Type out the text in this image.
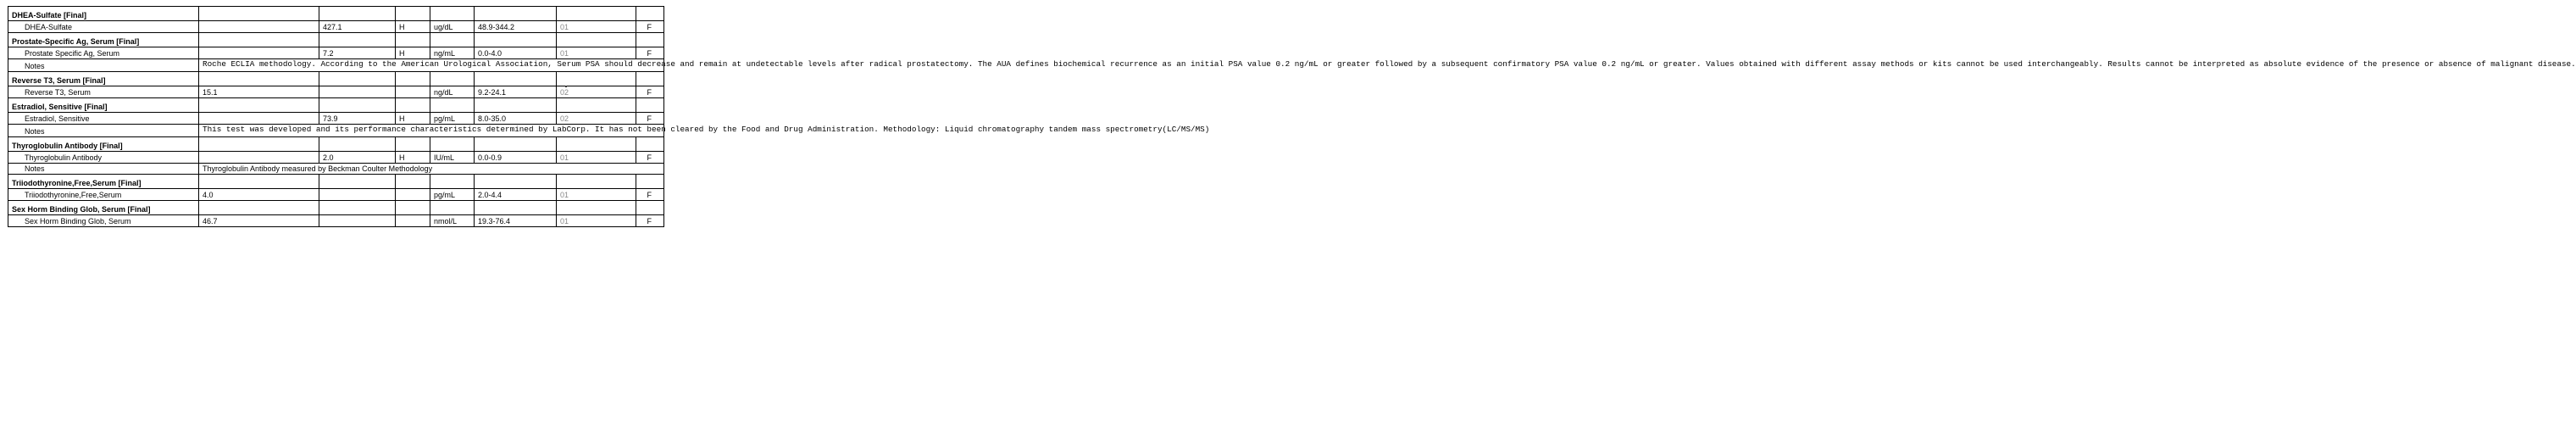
DHEA-Sulfate [Final]							
DHEA-Sulfate		427.1	H	ug/dL	48.9-344.2	01	F
Prostate-Specific Ag, Serum [Final]							
Prostate Specific Ag, Serum		7.2	H	ng/mL	0.0-4.0	01	F
Notes	Roche ECLIA methodology. According to the American Urological Association, Serum PSA should decrease and remain at undetectable levels after radical prostatectomy. The AUA defines biochemical recurrence as an initial PSA value 0.2 ng/mL or greater followed by a subsequent confirmatory PSA value 0.2 ng/mL or greater. Values obtained with different assay methods or kits cannot be used interchangeably. Results cannot be interpreted as absolute evidence of the presence or absence of malignant disease.						
Reverse T3, Serum [Final]							
Reverse T3, Serum	15.1			ng/dL	9.2-24.1	02	F
Estradiol, Sensitive [Final]							
Estradiol, Sensitive		73.9	H	pg/mL	8.0-35.0	02	F
Notes	This test was developed and its performance characteristics determined by LabCorp. It has not been cleared by the Food and Drug Administration. Methodology: Liquid chromatography tandem mass spectrometry(LC/MS/MS)						
Thyroglobulin Antibody [Final]							
Thyroglobulin Antibody		2.0	H	IU/mL	0.0-0.9	01	F
Notes	Thyroglobulin Antibody measured by Beckman Coulter Methodology						
Triiodothyronine,Free,Serum [Final]							
Triiodothyronine,Free,Serum	4.0			pg/mL	2.0-4.4	01	F
Sex Horm Binding Glob, Serum [Final]							
Sex Horm Binding Glob, Serum	46.7			nmol/L	19.3-76.4	01	F
